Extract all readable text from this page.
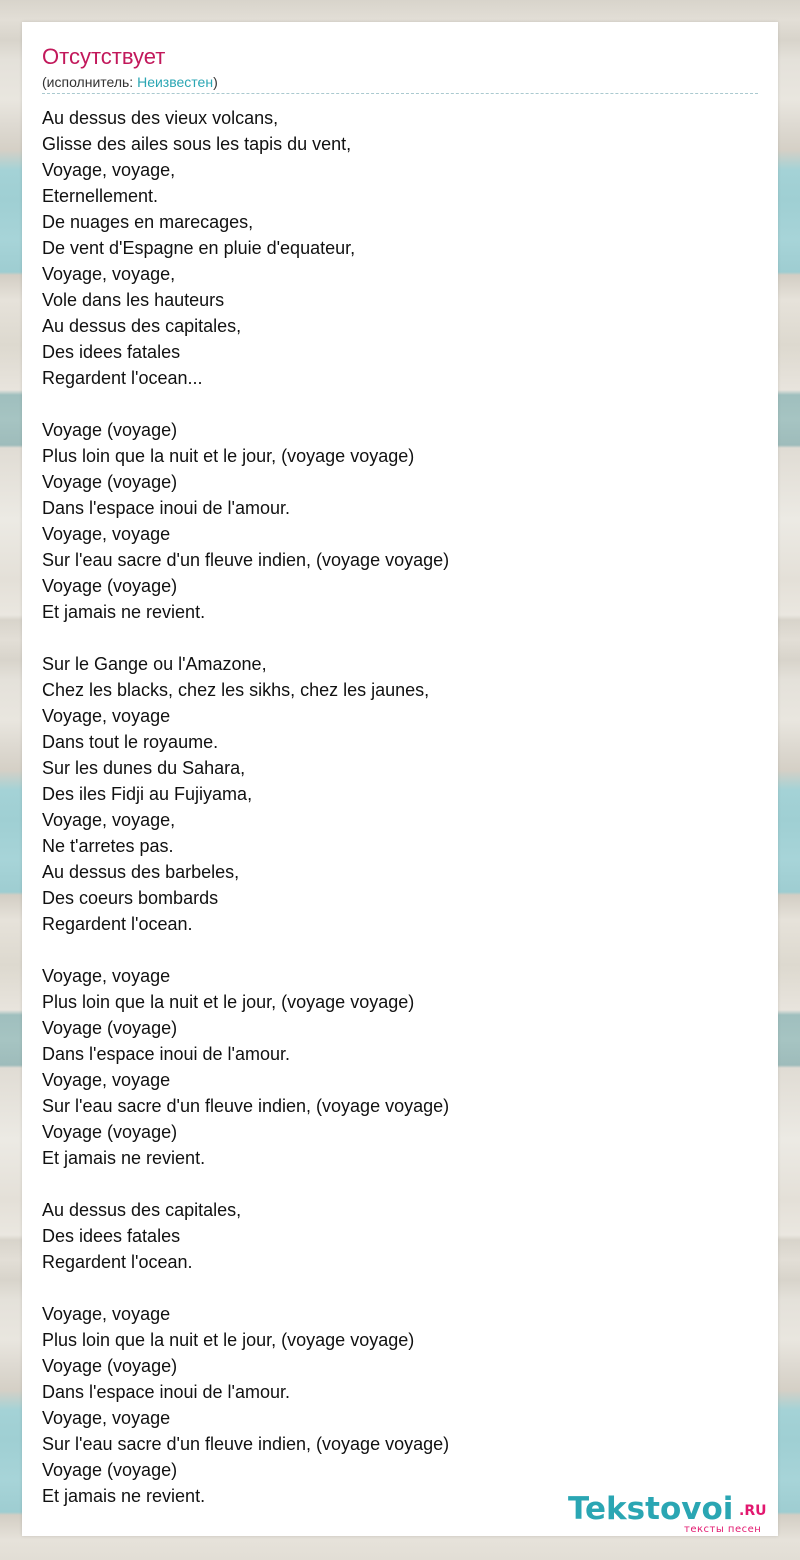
Отсутствует
(исполнитель: Неизвестен)
Au dessus des vieux volcans,
Glisse des ailes sous les tapis du vent,
Voyage, voyage,
Eternellement.
De nuages en marecages,
De vent d'Espagne en pluie d'equateur,
Voyage, voyage,
Vole dans les hauteurs
Au dessus des capitales,
Des idees fatales
Regardent l'ocean...
Voyage (voyage)
Plus loin que la nuit et le jour, (voyage voyage)
Voyage (voyage)
Dans l'espace inoui de l'amour.
Voyage, voyage
Sur l'eau sacre d'un fleuve indien, (voyage voyage)
Voyage (voyage)
Et jamais ne revient.
Sur le Gange ou l'Amazone,
Chez les blacks, chez les sikhs, chez les jaunes,
Voyage, voyage
Dans tout le royaume.
Sur les dunes du Sahara,
Des iles Fidji au Fujiyama,
Voyage, voyage,
Ne t'arretes pas.
Au dessus des barbeles,
Des coeurs bombards
Regardent l'ocean.
Voyage, voyage
Plus loin que la nuit et le jour, (voyage voyage)
Voyage (voyage)
Dans l'espace inoui de l'amour.
Voyage, voyage
Sur l'eau sacre d'un fleuve indien, (voyage voyage)
Voyage (voyage)
Et jamais ne revient.
Au dessus des capitales,
Des idees fatales
Regardent l'ocean.
Voyage, voyage
Plus loin que la nuit et le jour, (voyage voyage)
Voyage (voyage)
Dans l'espace inoui de l'amour.
Voyage, voyage
Sur l'eau sacre d'un fleuve indien, (voyage voyage)
Voyage (voyage)
Et jamais ne revient.	Tekstovoi .RU
тексты песен
